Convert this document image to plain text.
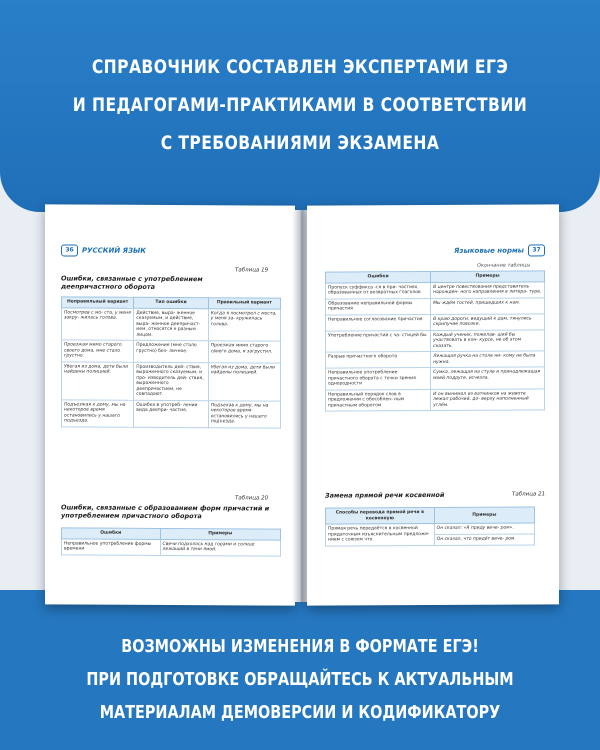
СПРАВОЧНИК СОСТАВЛЕН ЭКСПЕРТАМИ ЕГЭ
И ПЕДАГОГАМИ-ПРАКТИКАМИ В СООТВЕТСТВИИ
С ТРЕБОВАНИЯМИ ЭКЗАМЕНА
ВОЗМОЖНЫ ИЗМЕНЕНИЯ В ФОРМАТЕ ЕГЭ!
ПРИ ПОДГОТОВКЕ ОБРАЩАЙТЕСЬ К АКТУАЛЬНЫМ
МАТЕРИАЛАМ ДЕМОВЕРСИИ И КОДИФИКАТОРУ
36	РУССКИЙ ЯЗЫК
Таблица 19
Ошибки, связанные с употреблением деепричастного оборота
Неправильный вариант	Тип ошибки	Правильный вариант
Посмотрев с мо- ста, у меня закру- жилась голова.	Действие, выра- женное сказуемым, и действие, выра- женное деепричаст- ием, относятся к разным лицам.	Когда я посмотрел с моста, у меня за- кружилась голова.
Проезжая мимо старого своего дома, мне стало грустно.	Предложение (мне стало грустно) без- личное.	Проезжая мимо старого своего дома, я загрустил.
Убегая из дома, дети были найдены полицией.	Производитель дей- ствия, выраженного сказуемым, и про- изводитель дей- ствия, выраженного деепричастием, не совпадают.	Убегая из дома, дети были найдены полицией.
Подъезжая к дому, мы на некоторое время остановились у нашего подъезда.	Ошибка в употреб- лении вида деепри- частия.	Подъехав к дому, мы на некоторое время остановились у нашего подъезда.
Таблица 20
Ошибки, связанные с образованием форм причастий и употреблением причастного оборота
Ошибки	Примеры
Неправильное употребление формы времени	Свечи подхолось над горами и солнце лежащий в тени ямой.
Языковые нормы	37
Окончание таблицы
Ошибки	Примеры
Пропуск суффикса -ся в при- частиях, образованных от возвратных глаголов	В центре повествования представитель нарожден- ного направления в литера- туре.
Образование неправильной формы причастия	Мы ждём гостей, пришедших к нам.
Неправильное согласование причастия	В краю дороги, ведущий к дам, тянулись скрипучие повозки.
Употребление причастий с ча- стицей бы	Каждый ученик, пожелав- ший бы участвовать в кон- курсе, не об этом сказать.
Разрыв причастного оборота	Лежащая ручка на столе ни- кому не была нужна.
Неправильное употребление причастного оборота с точки зрения однородности	Сумка, лежащая на стуле и принадлежащая моей подруге, исчезла.
Неправильный порядок слов в предложении с обособлен- ным причастным оборотом	И он вынимал из ватнинков на животе лежал рабочий, до- верху наполненный углём.
Замена прямой речи косвенной	Таблица 21
Способы перевода прямой речи в косвенную	Примеры
Прямая речь передаётся в косвенной придаточным изъяснительным предложе- нием с союзом что	Он сказал: «Я приду вече- ром».
	Он сказал, что придёт вече- ром.
